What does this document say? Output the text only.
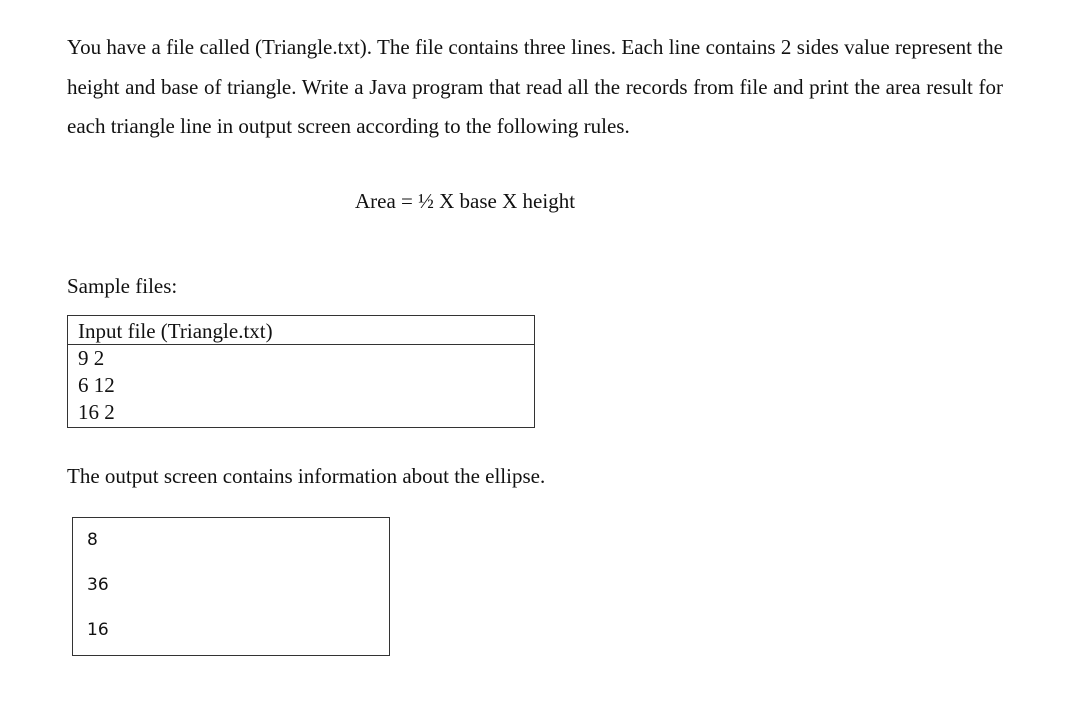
You have a file called (Triangle.txt). The file contains three lines. Each line contains 2 sides value represent the height and base of triangle. Write a Java program that read all the records from file and print the area result for each triangle line in output screen according to the following rules.

Area = ½ X base X height

Sample files:

Input file (Triangle.txt)
9 2
6 12
16 2

The output screen contains information about the ellipse.

8
36
16
